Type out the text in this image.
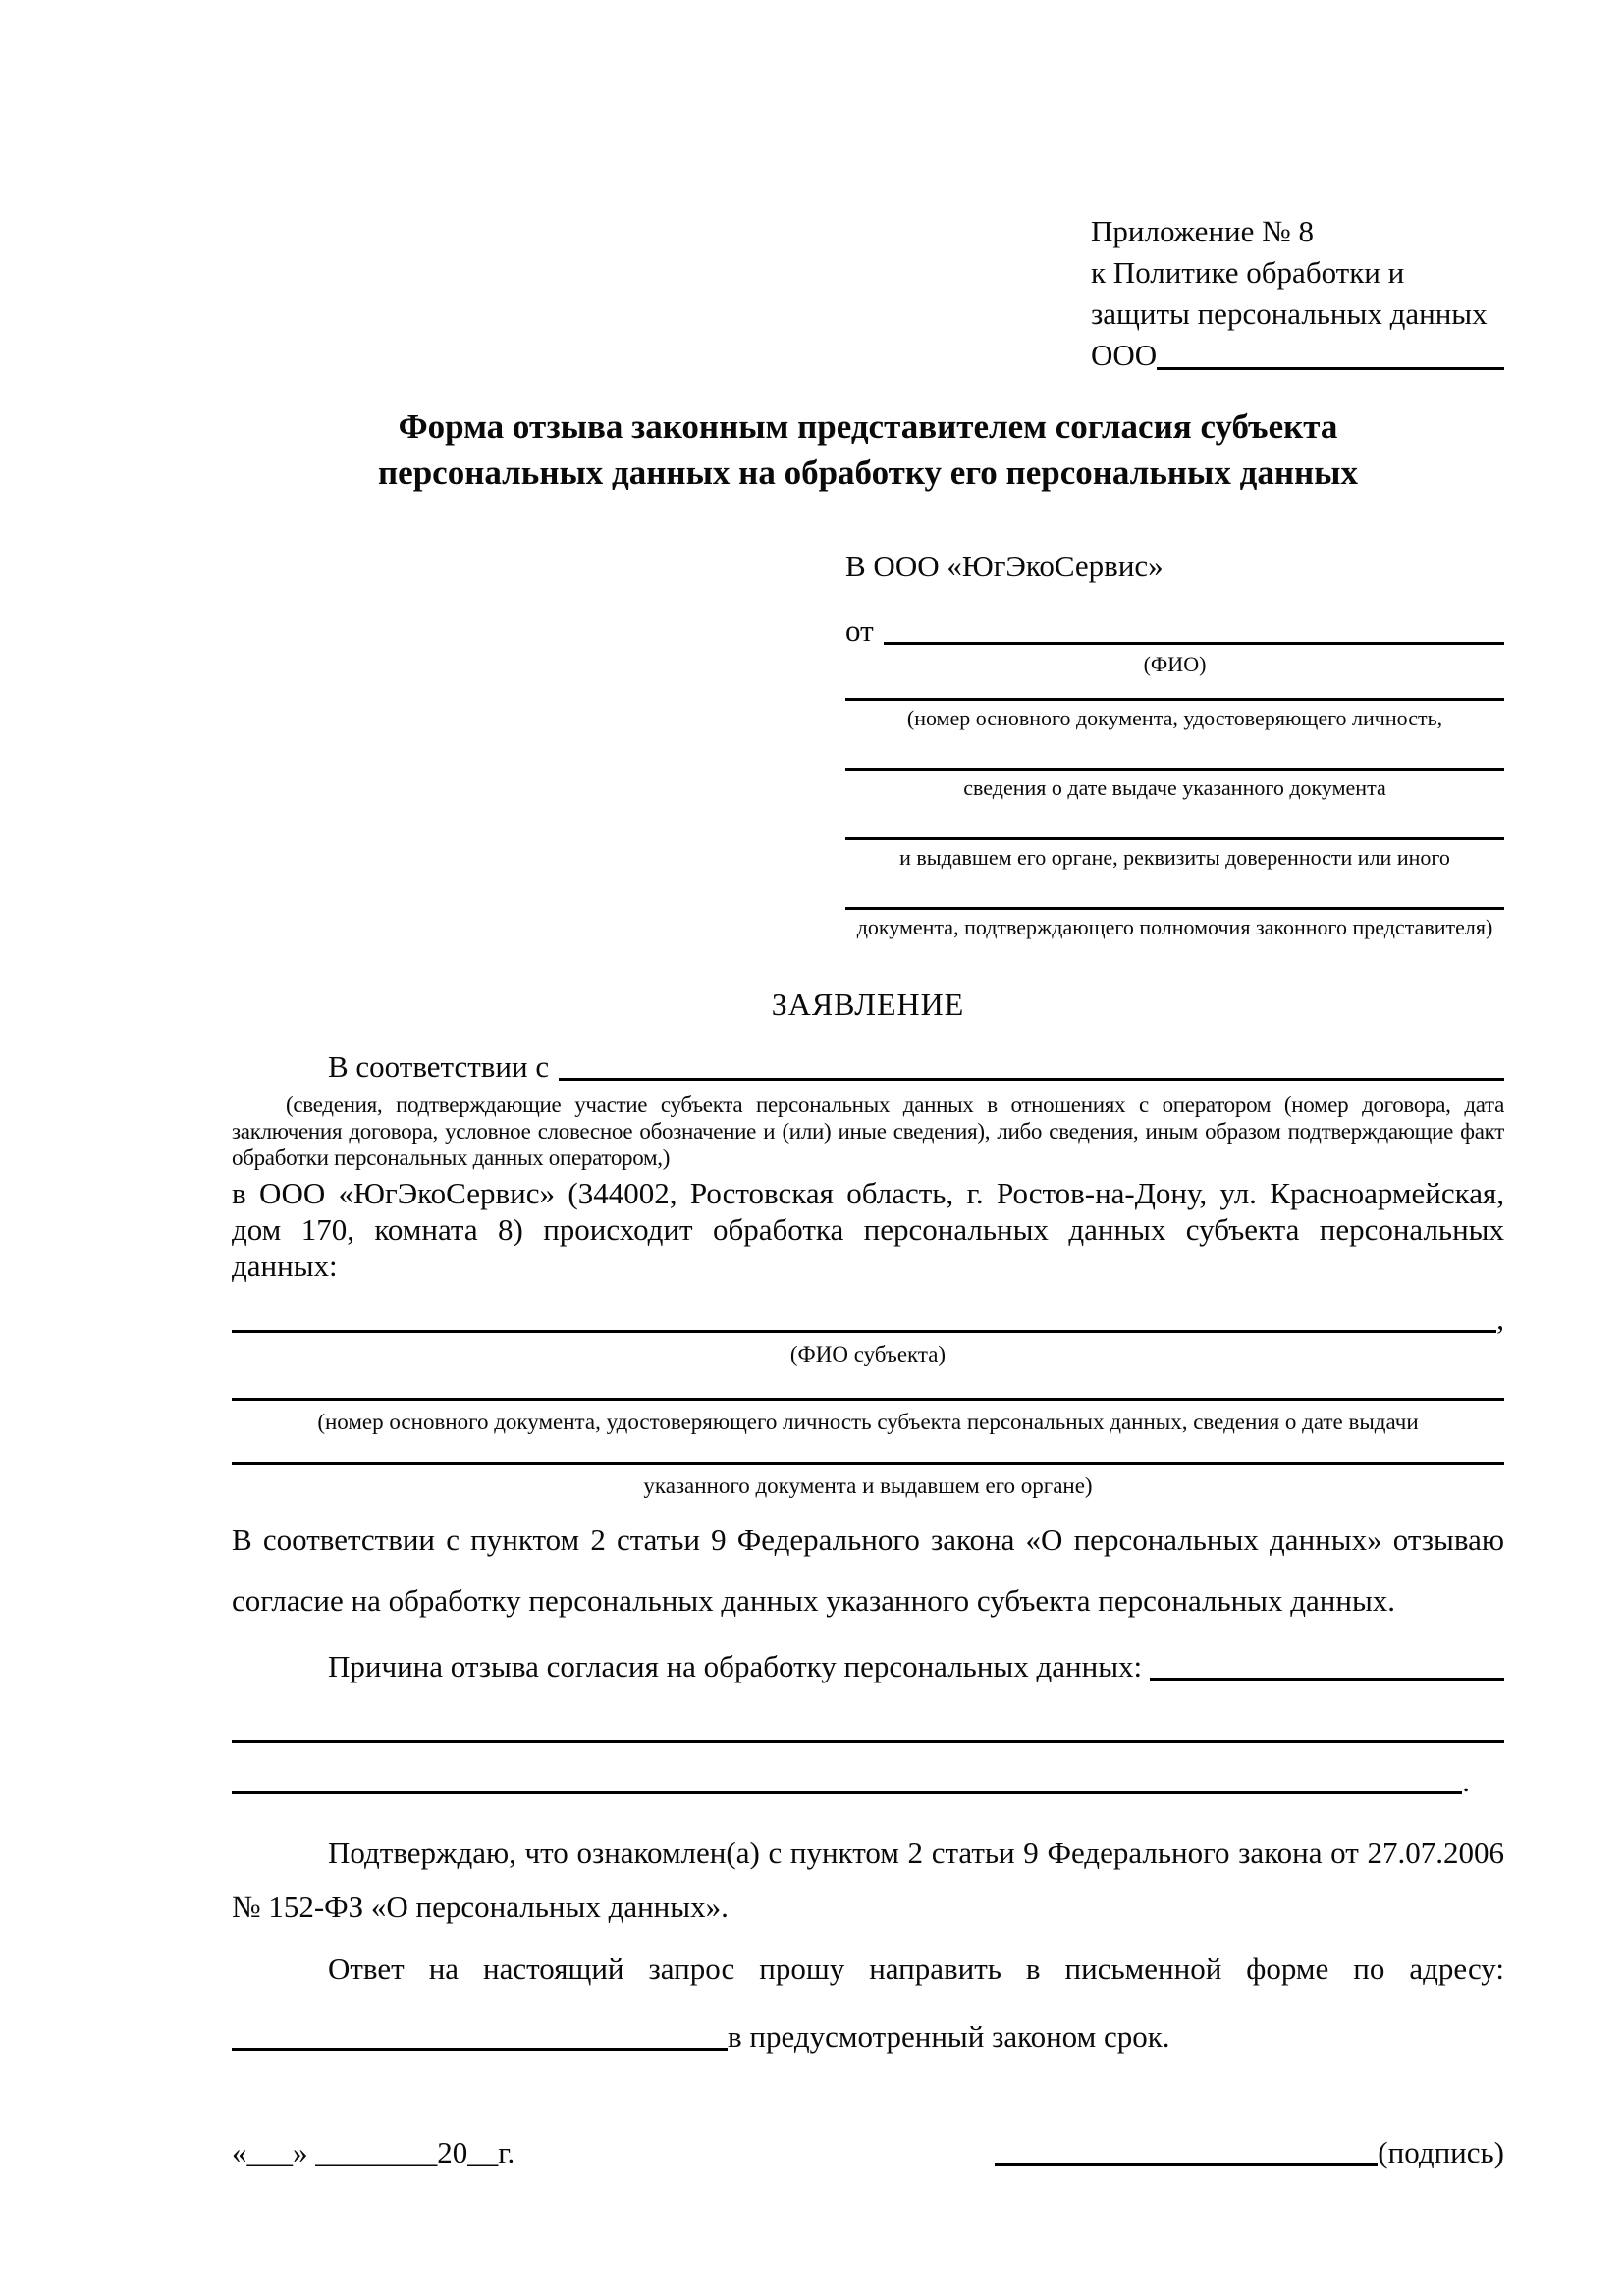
Приложение № 8
к Политике обработки и
защиты персональных данных
ООО
Форма отзыва законным представителем согласия субъекта
персональных данных на обработку его персональных данных
В ООО «ЮгЭкоСервис»
от
(ФИО)
(номер основного документа, удостоверяющего личность,
сведения о дате выдаче указанного документа
и выдавшем его органе, реквизиты доверенности или иного
документа, подтверждающего полномочия законного представителя)
ЗАЯВЛЕНИЕ
В соответствии с
(сведения, подтверждающие участие субъекта персональных данных в отношениях с оператором (номер договора, дата заключения договора, условное словесное обозначение и (или) иные сведения), либо сведения, иным образом подтверждающие факт обработки персональных данных оператором,)

в ООО «ЮгЭкоСервис» (344002, Ростовская область, г. Ростов-на-Дону, ул. Красноармейская, дом 170, комната 8) происходит обработка персональных данных субъекта персональных данных:

,
(ФИО субъекта)
(номер основного документа, удостоверяющего личность субъекта персональных данных, сведения о дате выдачи
указанного документа и выдавшем его органе)

В соответствии с пунктом 2 статьи 9 Федерального закона «О персональных данных» отзываю согласие на обработку персональных данных указанного субъекта персональных данных.

Причина отзыва согласия на обработку персональных данных:
.

Подтверждаю, что ознакомлен(а) с пунктом 2 статьи 9 Федерального закона от 27.07.2006 № 152-ФЗ «О персональных данных».

Ответ на настоящий запрос прошу направить в письменной форме по адресу:

в предусмотренный законом срок.
«___» ________20__г.	(подпись)
